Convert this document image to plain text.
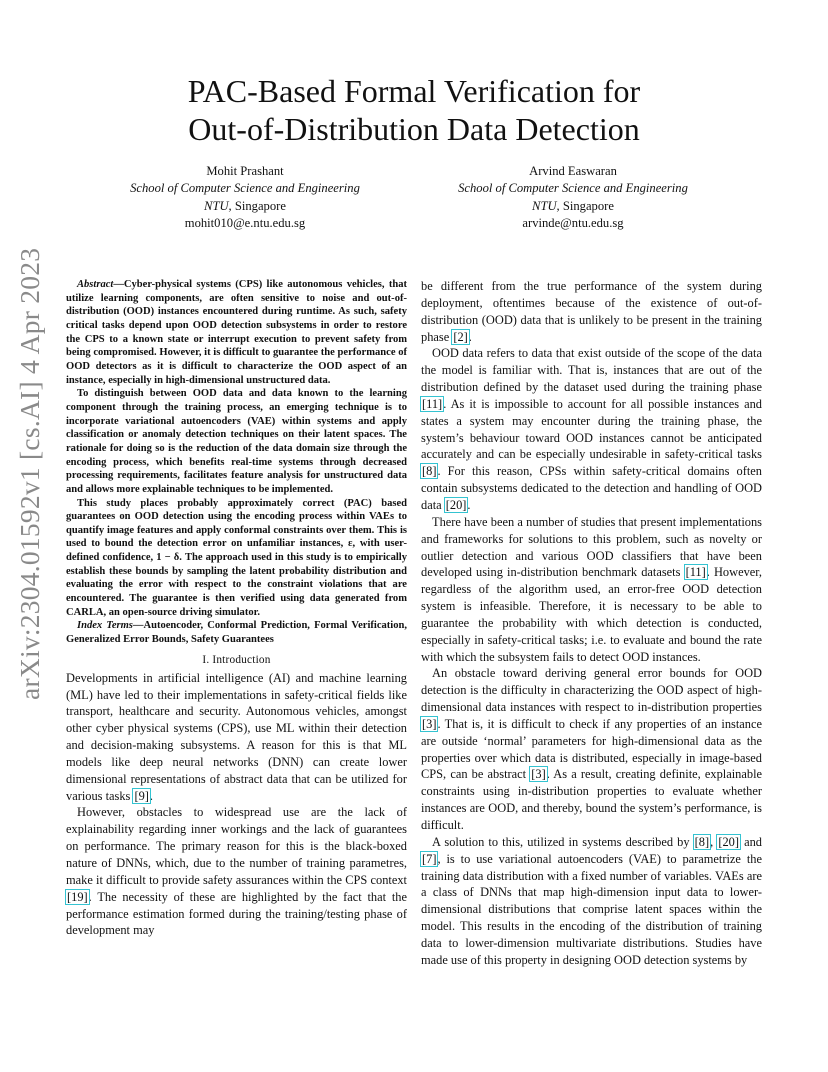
arXiv:2304.01592v1 [cs.AI] 4 Apr 2023
PAC-Based Formal Verification for
Out-of-Distribution Data Detection
Mohit Prashant
School of Computer Science and Engineering
NTU, Singapore
mohit010@e.ntu.edu.sg
Arvind Easwaran
School of Computer Science and Engineering
NTU, Singapore
arvinde@ntu.edu.sg

Abstract—Cyber-physical systems (CPS) like autonomous vehicles, that utilize learning components, are often sensitive to noise and out-of-distribution (OOD) instances encountered during runtime. As such, safety critical tasks depend upon OOD detection subsystems in order to restore the CPS to a known state or interrupt execution to prevent safety from being compromised. However, it is difficult to guarantee the performance of OOD detectors as it is difficult to characterize the OOD aspect of an instance, especially in high-dimensional unstructured data.

To distinguish between OOD data and data known to the learning component through the training process, an emerging technique is to incorporate variational autoencoders (VAE) within systems and apply classification or anomaly detection techniques on their latent spaces. The rationale for doing so is the reduction of the data domain size through the encoding process, which benefits real-time systems through decreased processing requirements, facilitates feature analysis for unstructured data and allows more explainable techniques to be implemented.

This study places probably approximately correct (PAC) based guarantees on OOD detection using the encoding process within VAEs to quantify image features and apply conformal constraints over them. This is used to bound the detection error on unfamiliar instances, ε, with user-defined confidence, 1 − δ. The approach used in this study is to empirically establish these bounds by sampling the latent probability distribution and evaluating the error with respect to the constraint violations that are encountered. The guarantee is then verified using data generated from CARLA, an open-source driving simulator.

Index Terms—Autoencoder, Conformal Prediction, Formal Verification, Generalized Error Bounds, Safety Guarantees

I. Introduction

Developments in artificial intelligence (AI) and machine learning (ML) have led to their implementations in safety-critical fields like transport, healthcare and security. Autonomous vehicles, amongst other cyber physical systems (CPS), use ML within their detection and decision-making subsystems. A reason for this is that ML models like deep neural networks (DNN) can create lower dimensional representations of abstract data that can be utilized for various tasks [9].

However, obstacles to widespread use are the lack of explainability regarding inner workings and the lack of guarantees on performance. The primary reason for this is the black-boxed nature of DNNs, which, due to the number of training parametres, make it difficult to provide safety assurances within the CPS context [19]. The necessity of these are highlighted by the fact that the performance estimation formed during the training/testing phase of development may

be different from the true performance of the system during deployment, oftentimes because of the existence of out-of-distribution (OOD) data that is unlikely to be present in the training phase [2].

OOD data refers to data that exist outside of the scope of the data the model is familiar with. That is, instances that are out of the distribution defined by the dataset used during the training phase [11]. As it is impossible to account for all possible instances and states a system may encounter during the training phase, the system’s behaviour toward OOD instances cannot be anticipated accurately and can be especially undesirable in safety-critical tasks [8]. For this reason, CPSs within safety-critical domains often contain subsystems dedicated to the detection and handling of OOD data [20].

There have been a number of studies that present implementations and frameworks for solutions to this problem, such as novelty or outlier detection and various OOD classifiers that have been developed using in-distribution benchmark datasets [11]. However, regardless of the algorithm used, an error-free OOD detection system is infeasible. Therefore, it is necessary to be able to guarantee the probability with which detection is conducted, especially in safety-critical tasks; i.e. to evaluate and bound the rate with which the subsystem fails to detect OOD instances.

An obstacle toward deriving general error bounds for OOD detection is the difficulty in characterizing the OOD aspect of high-dimensional data instances with respect to in-distribution properties [3]. That is, it is difficult to check if any properties of an instance are outside ‘normal’ parameters for high-dimensional data as the properties over which data is distributed, especially in image-based CPS, can be abstract [3]. As a result, creating definite, explainable constraints using in-distribution properties to evaluate whether instances are OOD, and thereby, bound the system’s performance, is difficult.

A solution to this, utilized in systems described by [8], [20] and [7], is to use variational autoencoders (VAE) to parametrize the training data distribution with a fixed number of variables. VAEs are a class of DNNs that map high-dimension input data to lower-dimensional distributions that comprise latent spaces within the model. This results in the encoding of the distribution of training data to lower-dimension multivariate distributions. Studies have made use of this property in designing OOD detection systems by
